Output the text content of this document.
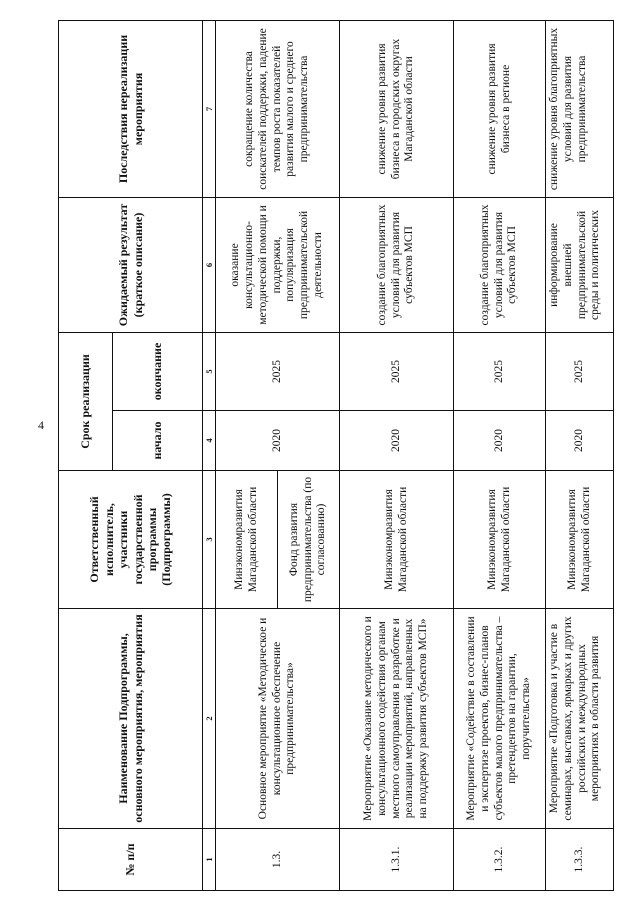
4
№ п/п	Наименование Подпрограммы, основного мероприятия, мероприятия	Ответственный исполнитель, участники государственной программы (Подпрограммы)	Срок реализации		Ожидаемый результат (краткое описание)	Последствия нереализации мероприятия
			начало	окончание		
1	2	3	4	5	6	7
1.3.	Основное мероприятие «Методическое и консультационное обеспечение предпринимательства»	Минэкономразвития Магаданской области	2020	2025	оказание консультационно-методической помощи и поддержки, популяризация предпринимательской деятельности	сокращение количества соискателей поддержки, падение темпов роста показателей развития малого и среднего предпринимательства
		Фонд развития предпринимательства (по согласованию)				
1.3.1.	Мероприятие «Оказание методического и консультационного содействия органам местного самоуправления в разработке и реализации мероприятий, направленных на поддержку развития субъектов МСП»	Минэкономразвития Магаданской области	2020	2025	создание благоприятных условий для развития субъектов МСП	снижение уровня развития бизнеса в городских округах Магаданской области
1.3.2.	Мероприятие «Содействие в составлении и экспертизе проектов, бизнес-планов субъектов малого предпринимательства – претендентов на гарантии, поручительства»	Минэкономразвития Магаданской области	2020	2025	создание благоприятных условий для развития субъектов МСП	снижение уровня развития бизнеса в регионе
1.3.3.	Мероприятие «Подготовка и участие в семинарах, выставках, ярмарках и других российских и международных мероприятиях в области развития	Минэкономразвития Магаданской области	2020	2025	информирование внешней предпринимательской среды и политических	снижение уровня благоприятных условий для развития предпринимательства
